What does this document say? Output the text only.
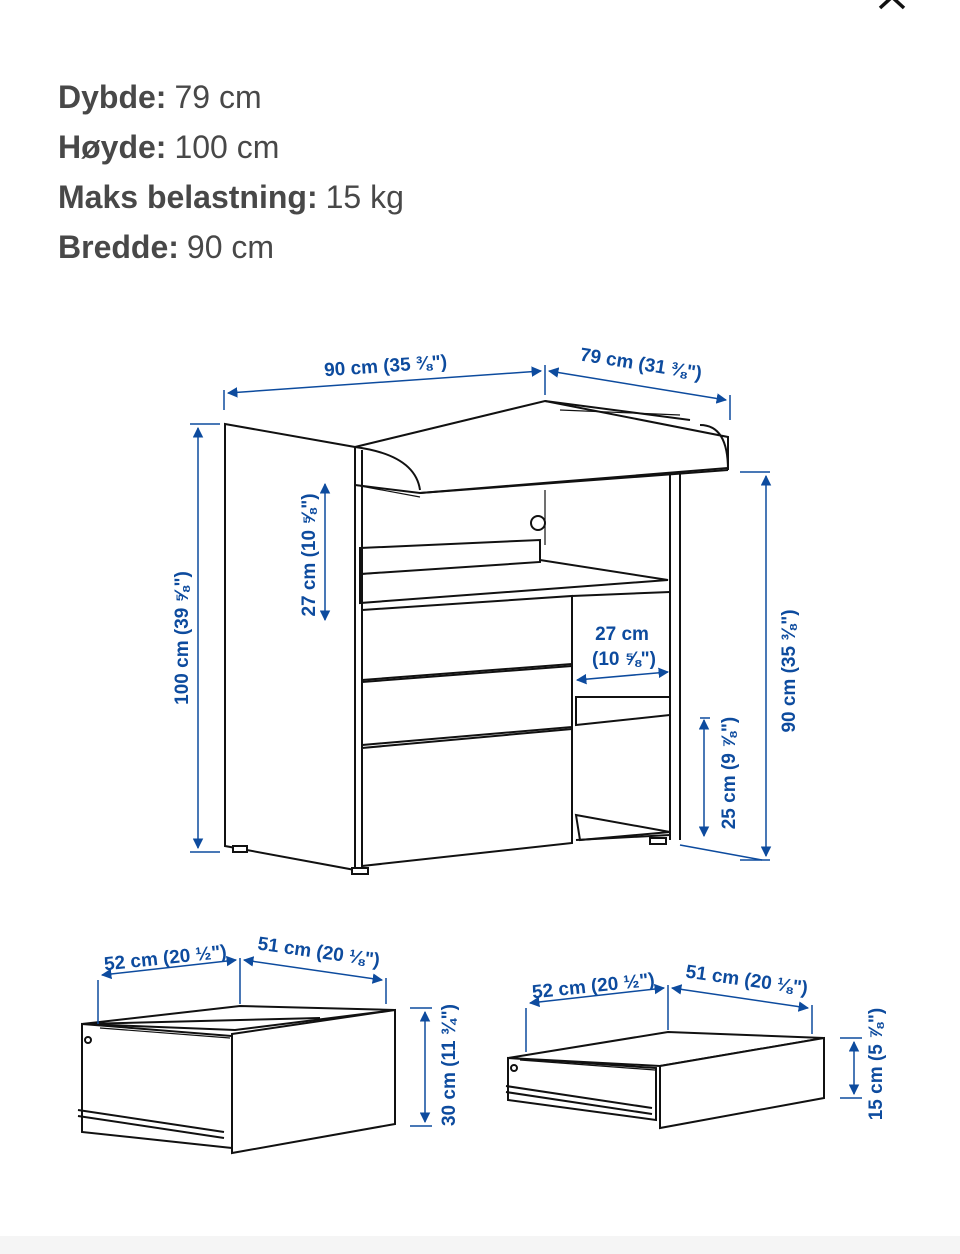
Dybde: 79 cm
Høyde: 100 cm
Maks belastning: 15 kg
Bredde: 90 cm
90 cm (35 ⅜")	79 cm (31 ⅜")
100 cm (39 ⅝")
27 cm (10 ⅝")
27 cm
(10 ⅝")
25 cm (9 ⅞")
90 cm (35 ⅜")
52 cm (20 ½") 51 cm (20 ⅛")
30 cm (11 ¾")
52 cm (20 ½") 51 cm (20 ⅛")
15 cm (5 ⅞")
